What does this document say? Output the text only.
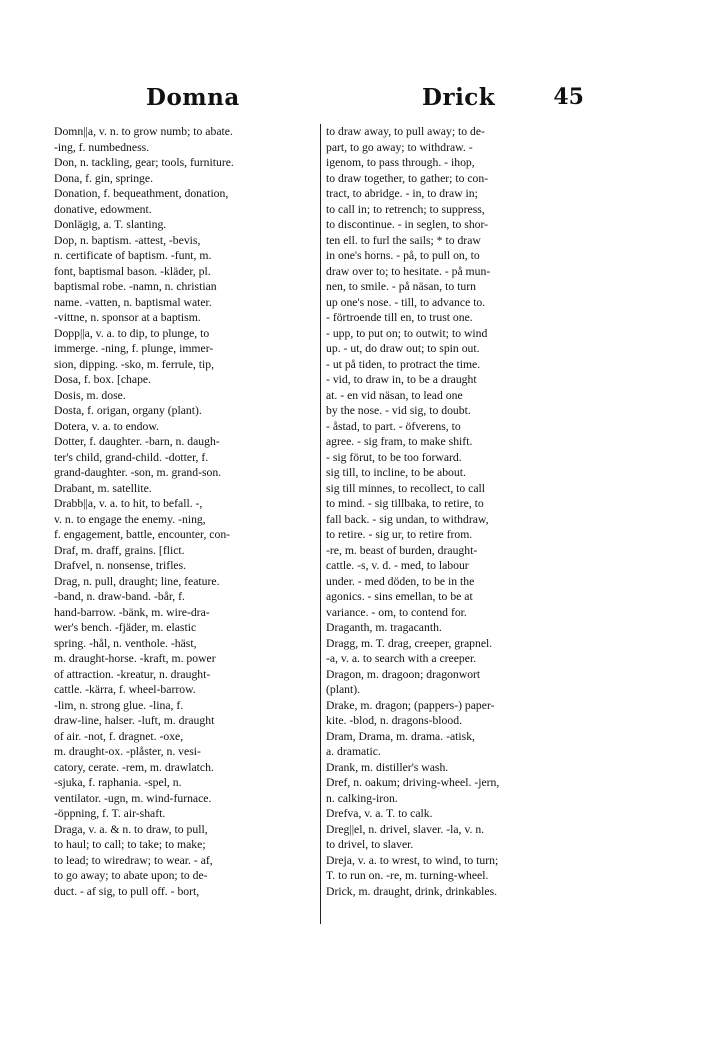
Domna	Drick	45
Domn||a, v. n. to grow numb; to abate.
-ing, f. numbedness.
Don, n. tackling, gear; tools, furniture.
Dona, f. gin, springe.
Donation, f. bequeathment, donation,
donative, edowment.
Donlägig, a. T. slanting.
Dop, n. baptism. -attest, -bevis,
n. certificate of baptism. -funt, m.
font, baptismal bason. -kläder, pl.
baptismal robe. -namn, n. christian
name. -vatten, n. baptismal water.
-vittne, n. sponsor at a baptism.
Dopp||a, v. a. to dip, to plunge, to
immerge. -ning, f. plunge, immer-
sion, dipping. -sko, m. ferrule, tip,
Dosa, f. box. [chape.
Dosis, m. dose.
Dosta, f. origan, organy (plant).
Dotera, v. a. to endow.
Dotter, f. daughter. -barn, n. daugh-
ter's child, grand-child. -dotter, f.
grand-daughter. -son, m. grand-son.
Drabant, m. satellite.
Drabb||a, v. a. to hit, to befall. -,
v. n. to engage the enemy. -ning,
f. engagement, battle, encounter, con-
Draf, m. draff, grains. [flict.
Drafvel, n. nonsense, trifles.
Drag, n. pull, draught; line, feature.
-band, n. draw-band. -bår, f.
hand-barrow. -bänk, m. wire-dra-
wer's bench. -fjäder, m. elastic
spring. -hål, n. venthole. -häst,
m. draught-horse. -kraft, m. power
of attraction. -kreatur, n. draught-
cattle. -kärra, f. wheel-barrow.
-lim, n. strong glue. -lina, f.
draw-line, halser. -luft, m. draught
of air. -not, f. dragnet. -oxe,
m. draught-ox. -plåster, n. vesi-
catory, cerate. -rem, m. drawlatch.
-sjuka, f. raphania. -spel, n.
ventilator. -ugn, m. wind-furnace.
-öppning, f. T. air-shaft.
Draga, v. a. & n. to draw, to pull,
to haul; to call; to take; to make;
to lead; to wiredraw; to wear. - af,
to go away; to abate upon; to de-
duct. - af sig, to pull off. - bort,
to draw away, to pull away; to de-
part, to go away; to withdraw. -
igenom, to pass through. - ihop,
to draw together, to gather; to con-
tract, to abridge. - in, to draw in;
to call in; to retrench; to suppress,
to discontinue. - in seglen, to shor-
ten ell. to furl the sails; * to draw
in one's horns. - på, to pull on, to
draw over to; to hesitate. - på mun-
nen, to smile. - på näsan, to turn
up one's nose. - till, to advance to.
- förtroende till en, to trust one.
- upp, to put on; to outwit; to wind
up. - ut, do draw out; to spin out.
- ut på tiden, to protract the time.
- vid, to draw in, to be a draught
at. - en vid näsan, to lead one
by the nose. - vid sig, to doubt.
- åstad, to part. - öfverens, to
agree. - sig fram, to make shift.
- sig förut, to be too forward.
sig till, to incline, to be about.
sig till minnes, to recollect, to call
to mind. - sig tillbaka, to retire, to
fall back. - sig undan, to withdraw,
to retire. - sig ur, to retire from.
-re, m. beast of burden, draught-
cattle. -s, v. d. - med, to labour
under. - med döden, to be in the
agonics. - sins emellan, to be at
variance. - om, to contend for.
Draganth, m. tragacanth.
Dragg, m. T. drag, creeper, grapnel.
-a, v. a. to search with a creeper.
Dragon, m. dragoon; dragonwort
(plant).
Drake, m. dragon; (pappers-) paper-
kite. -blod, n. dragons-blood.
Dram, Drama, m. drama. -atisk,
a. dramatic.
Drank, m. distiller's wash.
Dref, n. oakum; driving-wheel. -jern,
n. calking-iron.
Drefva, v. a. T. to calk.
Dreg||el, n. drivel, slaver. -la, v. n.
to drivel, to slaver.
Dreja, v. a. to wrest, to wind, to turn;
T. to run on. -re, m. turning-wheel.
Drick, m. draught, drink, drinkables.
